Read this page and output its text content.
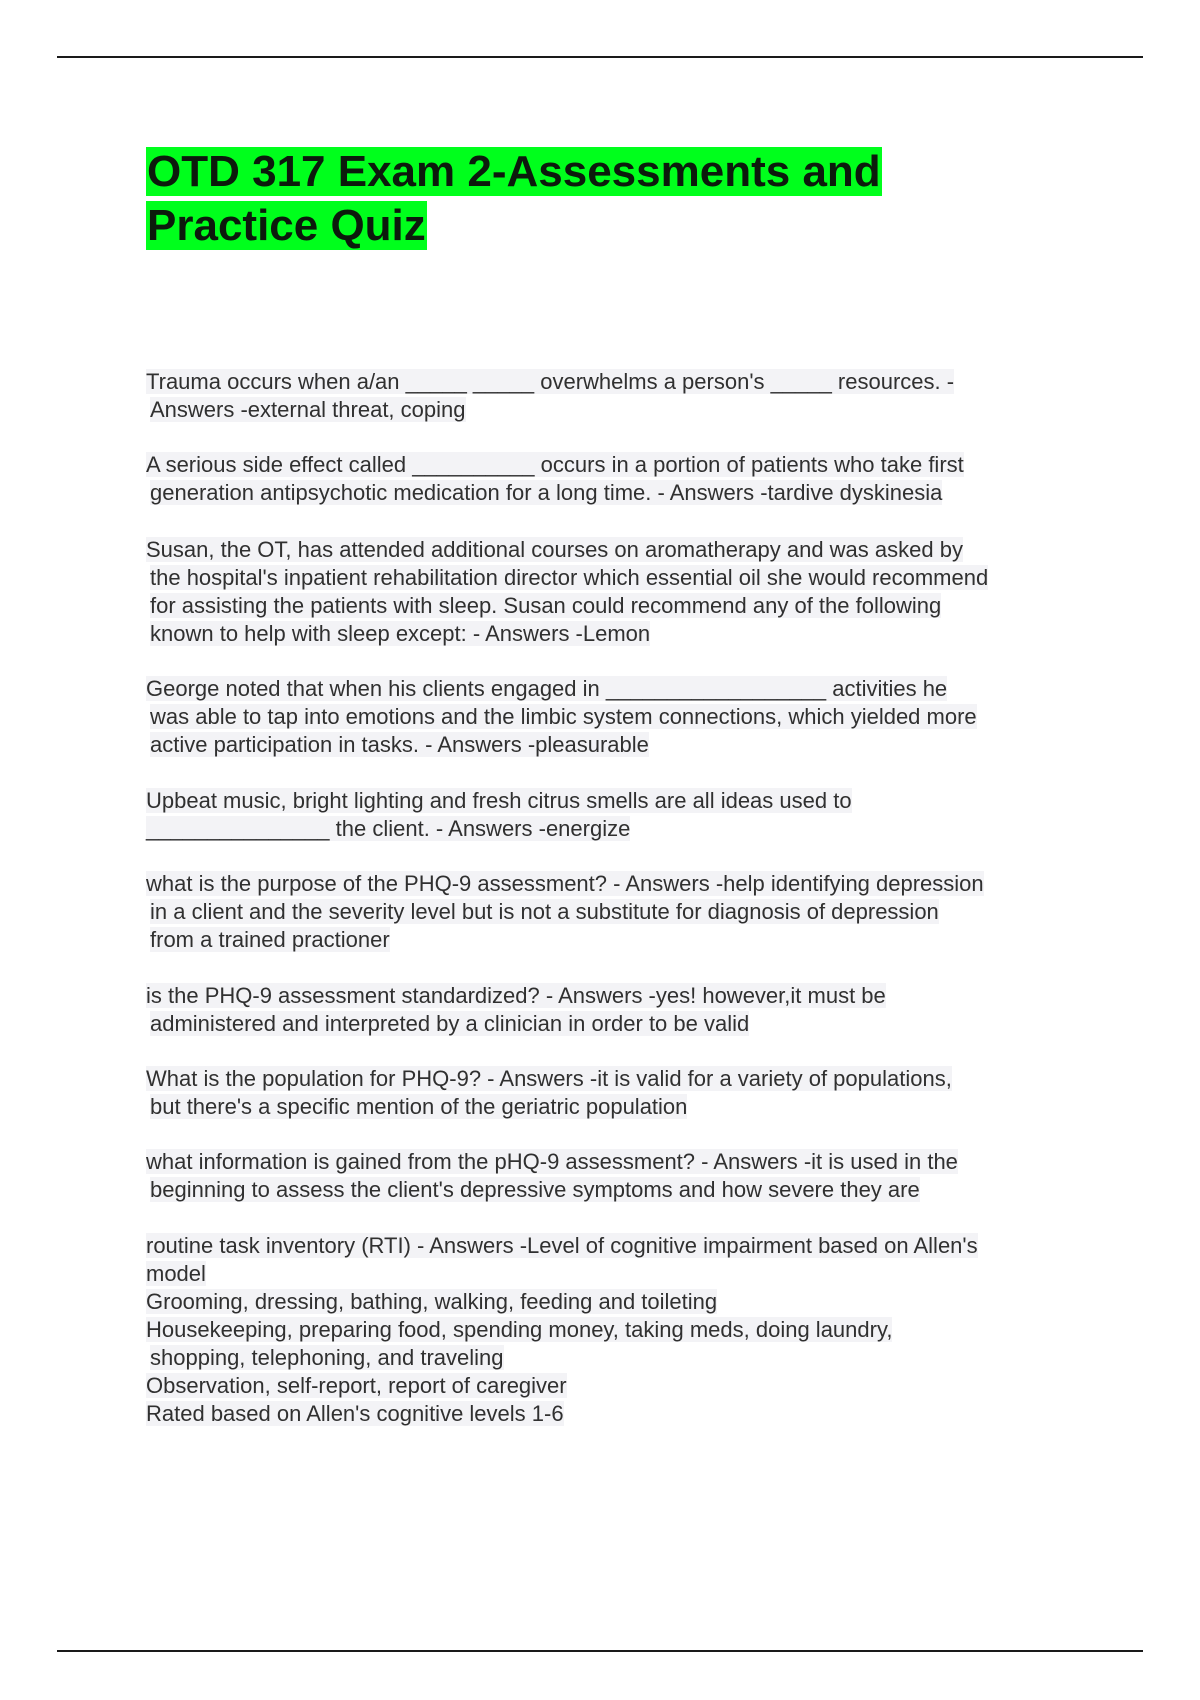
OTD 317 Exam 2-Assessments and
Practice Quiz
Trauma occurs when a/an _____ _____ overwhelms a person's _____ resources. -
Answers -external threat, coping
A serious side effect called __________ occurs in a portion of patients who take first
generation antipsychotic medication for a long time. - Answers -tardive dyskinesia
Susan, the OT, has attended additional courses on aromatherapy and was asked by
the hospital's inpatient rehabilitation director which essential oil she would recommend
for assisting the patients with sleep. Susan could recommend any of the following
known to help with sleep except: - Answers -Lemon
George noted that when his clients engaged in __________________ activities he
was able to tap into emotions and the limbic system connections, which yielded more
active participation in tasks. - Answers -pleasurable
Upbeat music, bright lighting and fresh citrus smells are all ideas used to
_______________ the client. - Answers -energize
what is the purpose of the PHQ-9 assessment? - Answers -help identifying depression
in a client and the severity level but is not a substitute for diagnosis of depression
from a trained practioner
is the PHQ-9 assessment standardized? - Answers -yes! however,it must be
administered and interpreted by a clinician in order to be valid
What is the population for PHQ-9? - Answers -it is valid for a variety of populations,
but there's a specific mention of the geriatric population
what information is gained from the pHQ-9 assessment? - Answers -it is used in the
beginning to assess the client's depressive symptoms and how severe they are
routine task inventory (RTI) - Answers -Level of cognitive impairment based on Allen's
model
Grooming, dressing, bathing, walking, feeding and toileting
Housekeeping, preparing food, spending money, taking meds, doing laundry,
shopping, telephoning, and traveling
Observation, self-report, report of caregiver
Rated based on Allen's cognitive levels 1-6
